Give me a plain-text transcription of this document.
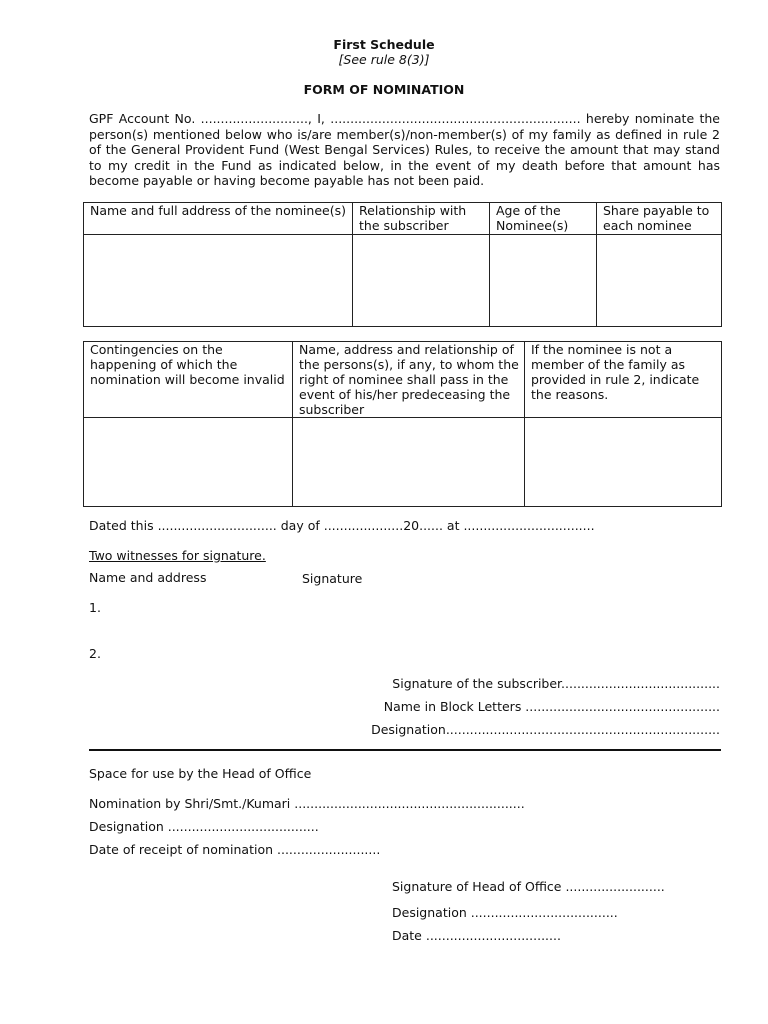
First Schedule
[See rule 8(3)]
FORM OF NOMINATION
GPF Account No. ..........................., I, ............................................................... hereby nominate the person(s) mentioned below who is/are member(s)/non-member(s) of my family as defined in rule 2 of the General Provident Fund (West Bengal Services) Rules, to receive the amount that may stand to my credit in the Fund as indicated below, in the event of my death before that amount has become payable or having become payable has not been paid.
Name and full address of the nominee(s)	Relationship with the subscriber	Age of the Nominee(s)	Share payable to each nominee

Contingencies on the happening of which the nomination will become invalid	Name, address and relationship of the persons(s), if any, to whom the right of nominee shall pass in the event of his/her predeceasing the subscriber	If the nominee is not a member of the family as provided in rule 2, indicate the reasons.

Dated this .............................. day of ....................20...... at .................................
Two witnesses for signature.
Name and address	Signature
1.
2.
Signature of the subscriber........................................
Name in Block Letters .................................................
Designation.....................................................................
Space for use by the Head of Office
Nomination by Shri/Smt./Kumari ..........................................................
Designation ......................................
Date of receipt of nomination ..........................
Signature of Head of Office .........................
Designation .....................................
Date ..................................
